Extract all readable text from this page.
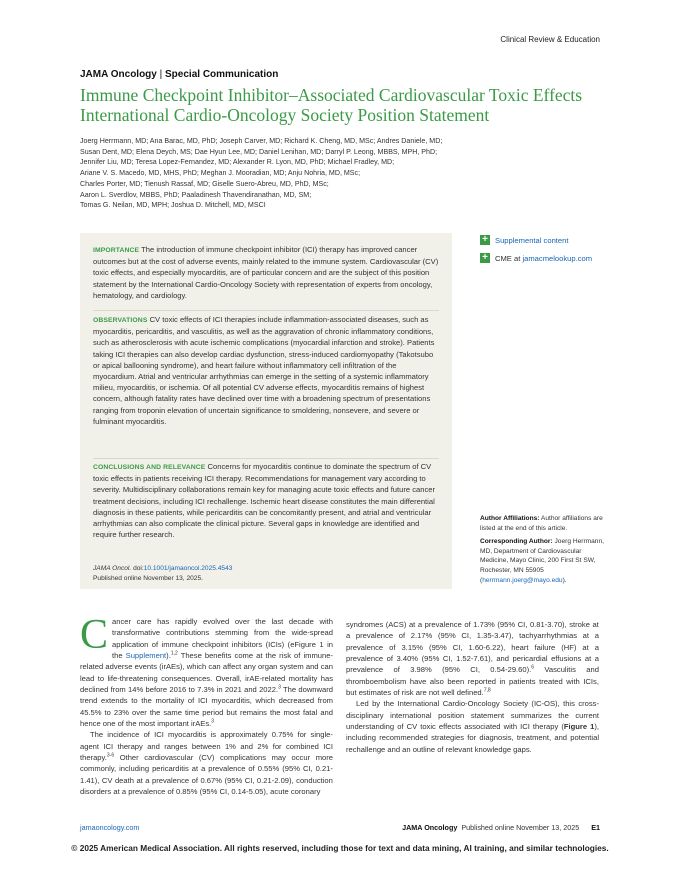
Clinical Review & Education
JAMA Oncology | Special Communication
Immune Checkpoint Inhibitor–Associated Cardiovascular Toxic Effects
International Cardio-Oncology Society Position Statement
Joerg Herrmann, MD; Ana Barac, MD, PhD; Joseph Carver, MD; Richard K. Cheng, MD, MSc; Andres Daniele, MD;
Susan Dent, MD; Elena Deych, MS; Dae Hyun Lee, MD; Daniel Lenihan, MD; Darryl P. Leong, MBBS, MPH, PhD;
Jennifer Liu, MD; Teresa Lopez-Fernandez, MD; Alexander R. Lyon, MD, PhD; Michael Fradley, MD;
Ariane V. S. Macedo, MD, MHS, PhD; Meghan J. Mooradian, MD; Anju Nohria, MD, MSc;
Charles Porter, MD; Tienush Rassaf, MD; Giselle Suero-Abreu, MD, PhD, MSc;
Aaron L. Sverdlov, MBBS, PhD; Paaladinesh Thavendiranathan, MD, SM;
Tomas G. Neilan, MD, MPH; Joshua D. Mitchell, MD, MSCI
IMPORTANCE The introduction of immune checkpoint inhibitor (ICI) therapy has improved cancer outcomes but at the cost of adverse events, mainly related to the immune system. Cardiovascular (CV) toxic effects, and especially myocarditis, are of particular concern and are the subject of this position statement by the International Cardio-Oncology Society with representation of experts from oncology, hematology, and cardiology.
OBSERVATIONS CV toxic effects of ICI therapies include inflammation-associated diseases, such as myocarditis, pericarditis, and vasculitis, as well as the aggravation of chronic inflammatory conditions, such as atherosclerosis with acute ischemic complications (myocardial infarction and stroke). Patients taking ICI therapies can also develop cardiac dysfunction, stress-induced cardiomyopathy (Takotsubo or apical ballooning syndrome), and heart failure without inflammatory cell infiltration of the myocardium. Atrial and ventricular arrhythmias can emerge in the setting of a systemic inflammatory milieu, myocarditis, or ischemia. Of all potential CV adverse effects, myocarditis remains of highest concern, although fatality rates have declined over time with a broadening spectrum of presentations ranging from troponin elevation of uncertain significance to smoldering, nonsevere, and severe or fulminant myocarditis.
CONCLUSIONS AND RELEVANCE Concerns for myocarditis continue to dominate the spectrum of CV toxic effects in patients receiving ICI therapy. Recommendations for management vary according to severity. Multidisciplinary collaborations remain key for managing acute toxic effects and future cancer treatment decisions, including ICI rechallenge. Ischemic heart disease constitutes the main differential diagnosis in these patients, while pericarditis can be concomitantly present, and atrial and ventricular arrhythmias can also complicate the clinical picture. Several gaps in knowledge are identified and require further research.
JAMA Oncol. doi:10.1001/jamaoncol.2025.4543
Published online November 13, 2025.
+ Supplemental content
+ CME at jamacmelookup.com
Author Affiliations: Author affiliations are listed at the end of this article.
Corresponding Author: Joerg Herrmann, MD, Department of Cardiovascular Medicine, Mayo Clinic, 200 First St SW, Rochester, MN 55905 (herrmann.joerg@mayo.edu).

Cancer care has rapidly evolved over the last decade with transformative contributions stemming from the wide-spread application of immune checkpoint inhibitors (ICIs) (eFigure 1 in the Supplement).$^{1,2}$ These benefits come at the risk of immune-related adverse events (irAEs), which can affect any organ system and can lead to life-threatening consequences. Overall, irAE-related mortality has declined from 14% before 2016 to 7.3% in 2021 and 2022.$^3$ The downward trend extends to the mortality of ICI myocarditis, which decreased from 45.5% to 23% over the same time period but remains the most fatal and hence one of the most important irAEs.$^3$

The incidence of ICI myocarditis is approximately 0.75% for single-agent ICI therapy and ranges between 1% and 2% for combined ICI therapy.$^{3-6}$ Other cardiovascular (CV) complications may occur more commonly, including pericarditis at a prevalence of 0.55% (95% CI, 0.21-1.41), CV death at a prevalence of 0.67% (95% CI, 0.21-2.09), conduction disorders at a prevalence of 0.85% (95% CI, 0.14-5.05), acute coronary

syndromes (ACS) at a prevalence of 1.73% (95% CI, 0.81-3.70), stroke at a prevalence of 2.17% (95% CI, 1.35-3.47), tachyarrhythmias at a prevalence of 3.15% (95% CI, 1.60-6.22), heart failure (HF) at a prevalence of 3.40% (95% CI, 1.52-7.61), and pericardial effusions at a prevalence of 3.98% (95% CI, 0.54-29.60).$^6$ Vasculitis and thromboembolism have also been reported in patients treated with ICIs, but estimates of risk are not well defined.$^{7,8}$

Led by the International Cardio-Oncology Society (IC-OS), this cross-disciplinary international position statement summarizes the current understanding of CV toxic effects associated with ICI therapy (Figure 1), including recommended strategies for diagnosis, treatment, and potential rechallenge and an outline of relevant knowledge gaps.

jamaoncology.com	JAMA Oncology Published online November 13, 2025 E1
© 2025 American Medical Association. All rights reserved, including those for text and data mining, AI training, and similar technologies.
